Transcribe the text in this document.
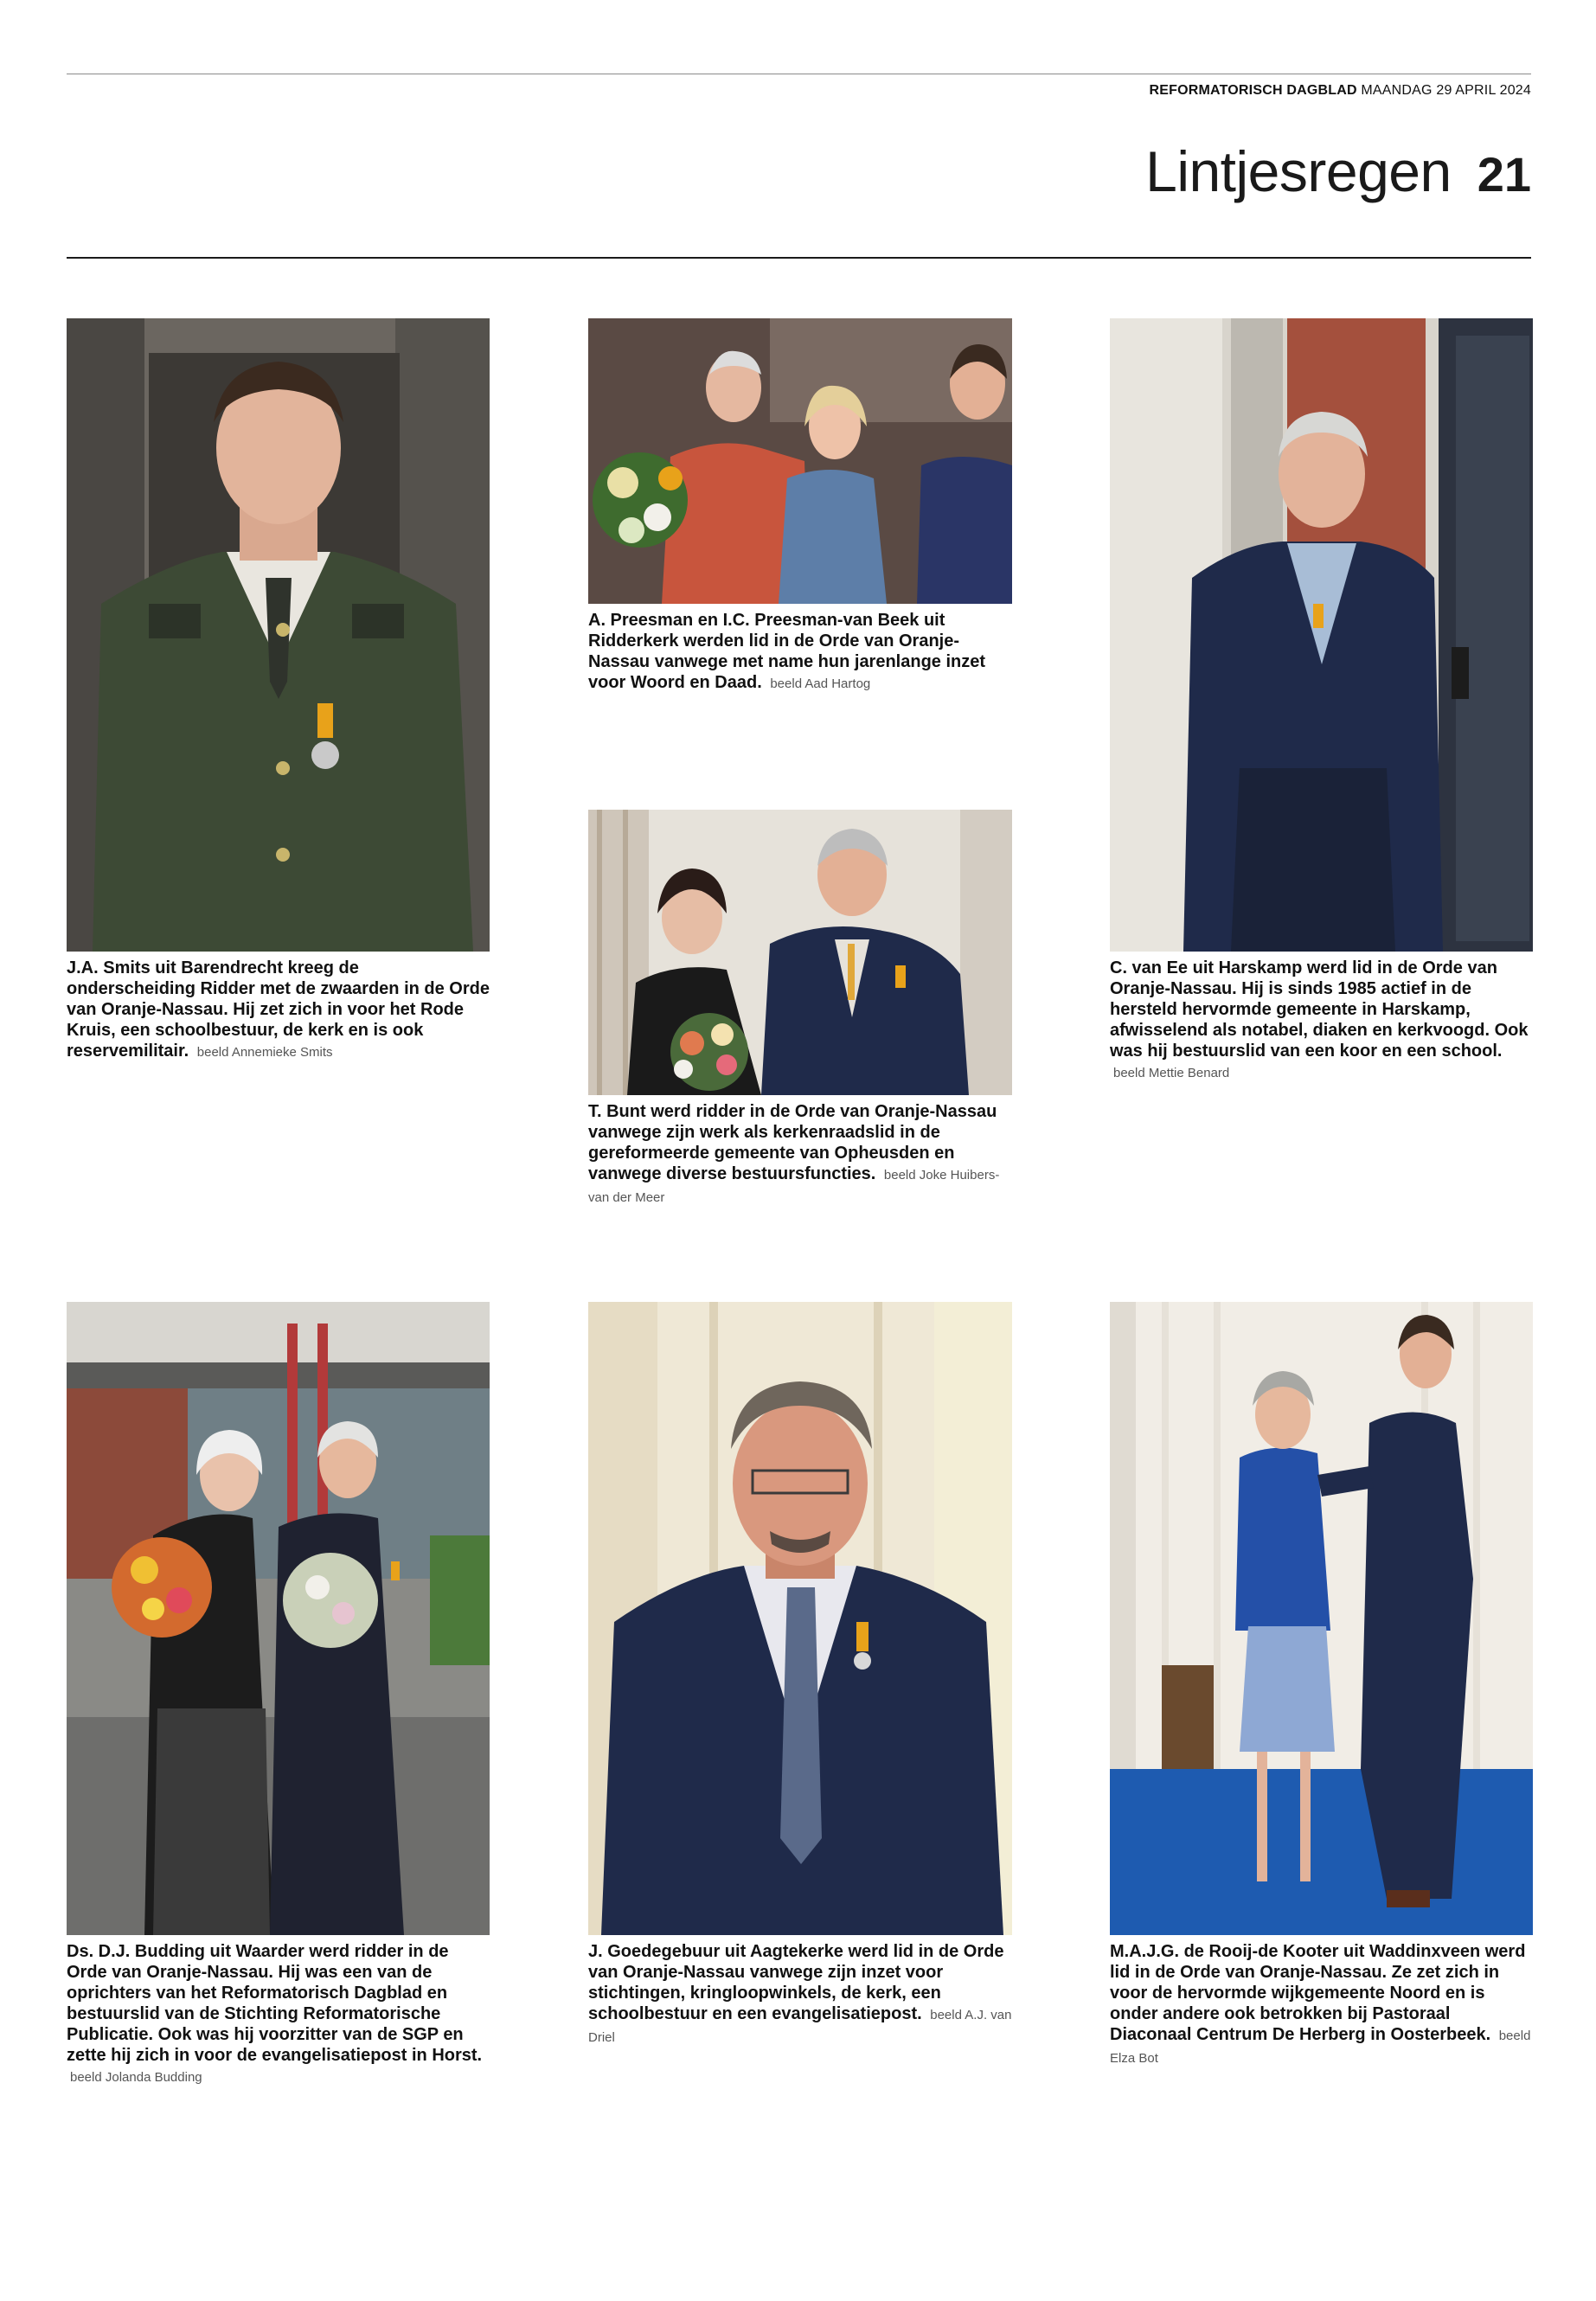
REFORMATORISCH DAGBLAD MAANDAG 29 APRIL 2024
Lintjesregen 21
J.A. Smits uit Barendrecht kreeg de onderscheiding Ridder met de zwaarden in de Orde van Oranje-Nassau. Hij zet zich in voor het Rode Kruis, een schoolbestuur, de kerk en is ook reservemilitair. beeld Annemieke Smits
A. Preesman en I.C. Preesman-van Beek uit Ridderkerk werden lid in de Orde van Oranje-Nassau vanwege met name hun jarenlange inzet voor Woord en Daad. beeld Aad Hartog
C. van Ee uit Harskamp werd lid in de Orde van Oranje-Nassau. Hij is sinds 1985 actief in de hersteld hervormde gemeente in Harskamp, afwisselend als notabel, diaken en kerkvoogd. Ook was hij bestuurslid van een koor en een school. beeld Mettie Benard
T. Bunt werd ridder in de Orde van Oranje-Nassau vanwege zijn werk als kerkenraadslid in de gereformeerde gemeente van Opheusden en vanwege diverse bestuursfuncties. beeld Joke Huibers-van der Meer
Ds. D.J. Budding uit Waarder werd ridder in de Orde van Oranje-Nassau. Hij was een van de oprichters van het Reformatorisch Dagblad en bestuurslid van de Stichting Reformatorische Publicatie. Ook was hij voorzitter van de SGP en zette hij zich in voor de evangelisatiepost in Horst. beeld Jolanda Budding
J. Goedegebuur uit Aagtekerke werd lid in de Orde van Oranje-Nassau vanwege zijn inzet voor stichtingen, kringloopwinkels, de kerk, een schoolbestuur en een evangelisatiepost. beeld A.J. van Driel
M.A.J.G. de Rooij-de Kooter uit Waddinxveen werd lid in de Orde van Oranje-Nassau. Ze zet zich in voor de hervormde wijkgemeente Noord en is onder andere ook betrokken bij Pastoraal Diaconaal Centrum De Herberg in Oosterbeek. beeld Elza Bot
